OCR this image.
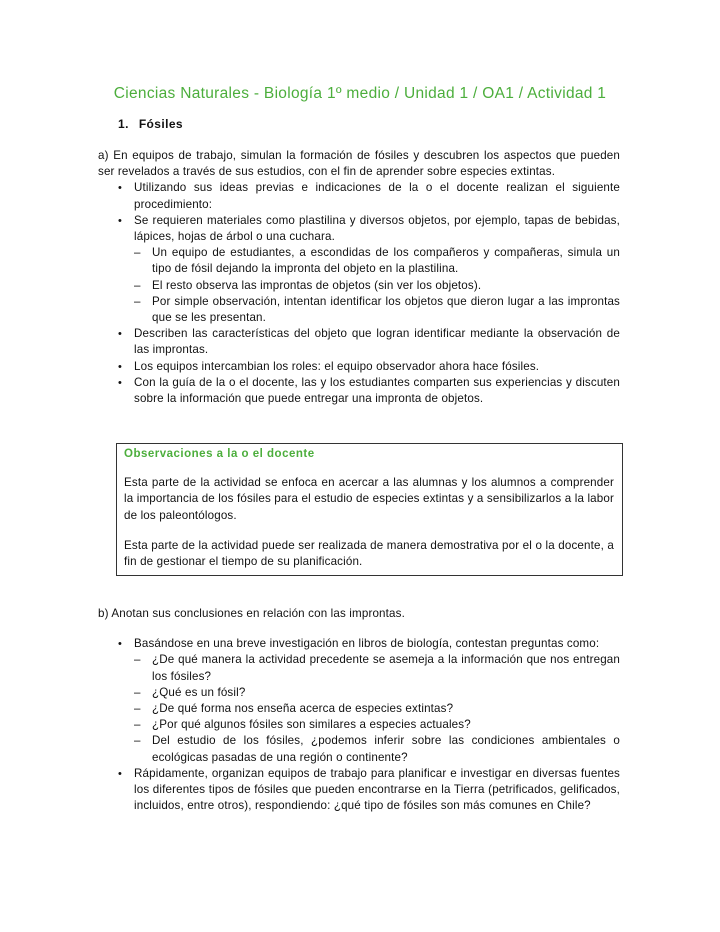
Ciencias Naturales - Biología 1º medio / Unidad 1 / OA1 / Actividad 1
1. Fósiles

a) En equipos de trabajo, simulan la formación de fósiles y descubren los aspectos que pueden ser revelados a través de sus estudios, con el fin de aprender sobre especies extintas.

• Utilizando sus ideas previas e indicaciones de la o el docente realizan el siguiente procedimiento:
• Se requieren materiales como plastilina y diversos objetos, por ejemplo, tapas de bebidas, lápices, hojas de árbol o una cuchara.
– Un equipo de estudiantes, a escondidas de los compañeros y compañeras, simula un tipo de fósil dejando la impronta del objeto en la plastilina.
– El resto observa las improntas de objetos (sin ver los objetos).
– Por simple observación, intentan identificar los objetos que dieron lugar a las improntas que se les presentan.
• Describen las características del objeto que logran identificar mediante la observación de las improntas.
• Los equipos intercambian los roles: el equipo observador ahora hace fósiles.
• Con la guía de la o el docente, las y los estudiantes comparten sus experiencias y discuten sobre la información que puede entregar una impronta de objetos.
Observaciones a la o el docente

Esta parte de la actividad se enfoca en acercar a las alumnas y los alumnos a comprender la importancia de los fósiles para el estudio de especies extintas y a sensibilizarlos a la labor de los paleontólogos.

Esta parte de la actividad puede ser realizada de manera demostrativa por el o la docente, a fin de gestionar el tiempo de su planificación.

b) Anotan sus conclusiones en relación con las improntas.

• Basándose en una breve investigación en libros de biología, contestan preguntas como:
– ¿De qué manera la actividad precedente se asemeja a la información que nos entregan los fósiles?
– ¿Qué es un fósil?
– ¿De qué forma nos enseña acerca de especies extintas?
– ¿Por qué algunos fósiles son similares a especies actuales?
– Del estudio de los fósiles, ¿podemos inferir sobre las condiciones ambientales o ecológicas pasadas de una región o continente?
• Rápidamente, organizan equipos de trabajo para planificar e investigar en diversas fuentes los diferentes tipos de fósiles que pueden encontrarse en la Tierra (petrificados, gelificados, incluidos, entre otros), respondiendo: ¿qué tipo de fósiles son más comunes en Chile?
